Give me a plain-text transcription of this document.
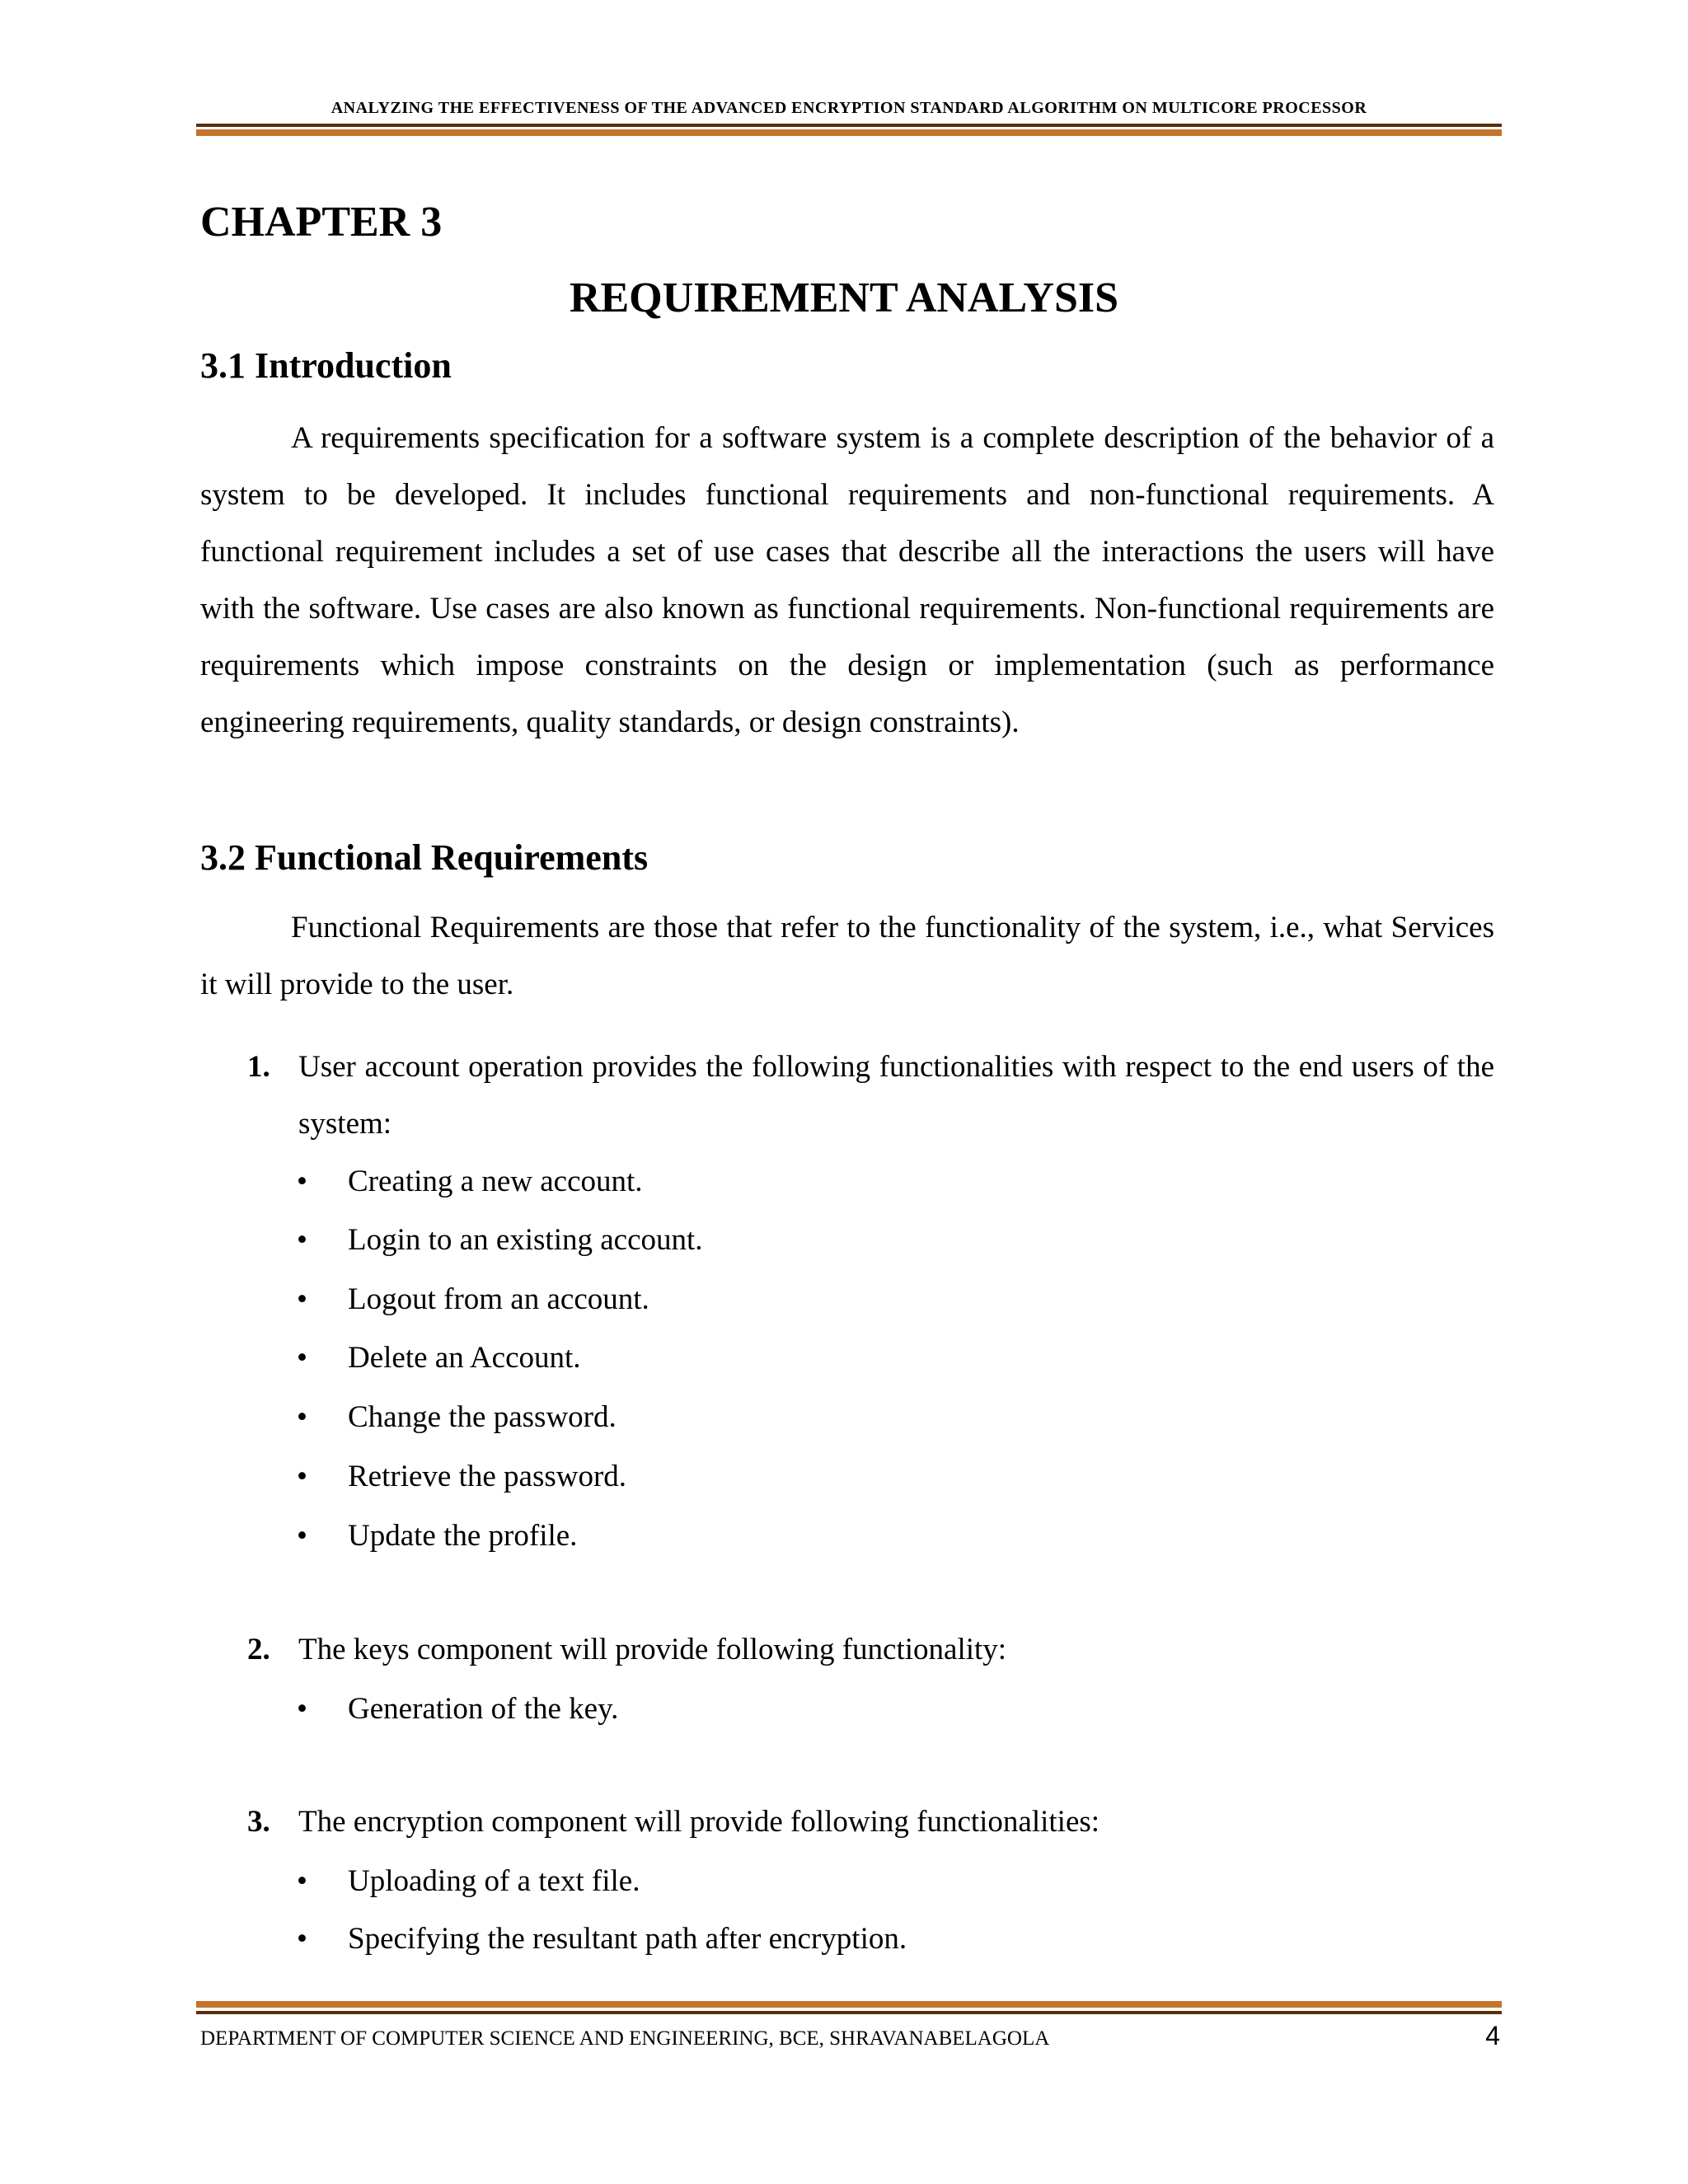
ANALYZING THE EFFECTIVENESS OF THE ADVANCED ENCRYPTION STANDARD ALGORITHM ON MULTICORE PROCESSOR
CHAPTER 3
REQUIREMENT ANALYSIS
3.1 Introduction

A requirements specification for a software system is a complete description of the behavior of a system to be developed. It includes functional requirements and non-functional requirements. A functional requirement includes a set of use cases that describe all the interactions the users will have with the software. Use cases are also known as functional requirements. Non-functional requirements are requirements which impose constraints on the design or implementation (such as performance engineering requirements, quality standards, or design constraints).

3.2 Functional Requirements

Functional Requirements are those that refer to the functionality of the system, i.e., what Services it will provide to the user.

1. User account operation provides the following functionalities with respect to the end users of the system:
•Creating a new account.
•Login to an existing account.
•Logout from an account.
•Delete an Account.
•Change the password.
•Retrieve the password.
•Update the profile.
2. The keys component will provide following functionality:
•Generation of the key.
3. The encryption component will provide following functionalities:
•Uploading of a text file.
•Specifying the resultant path after encryption.
DEPARTMENT OF COMPUTER SCIENCE AND ENGINEERING, BCE, SHRAVANABELAGOLA	4
